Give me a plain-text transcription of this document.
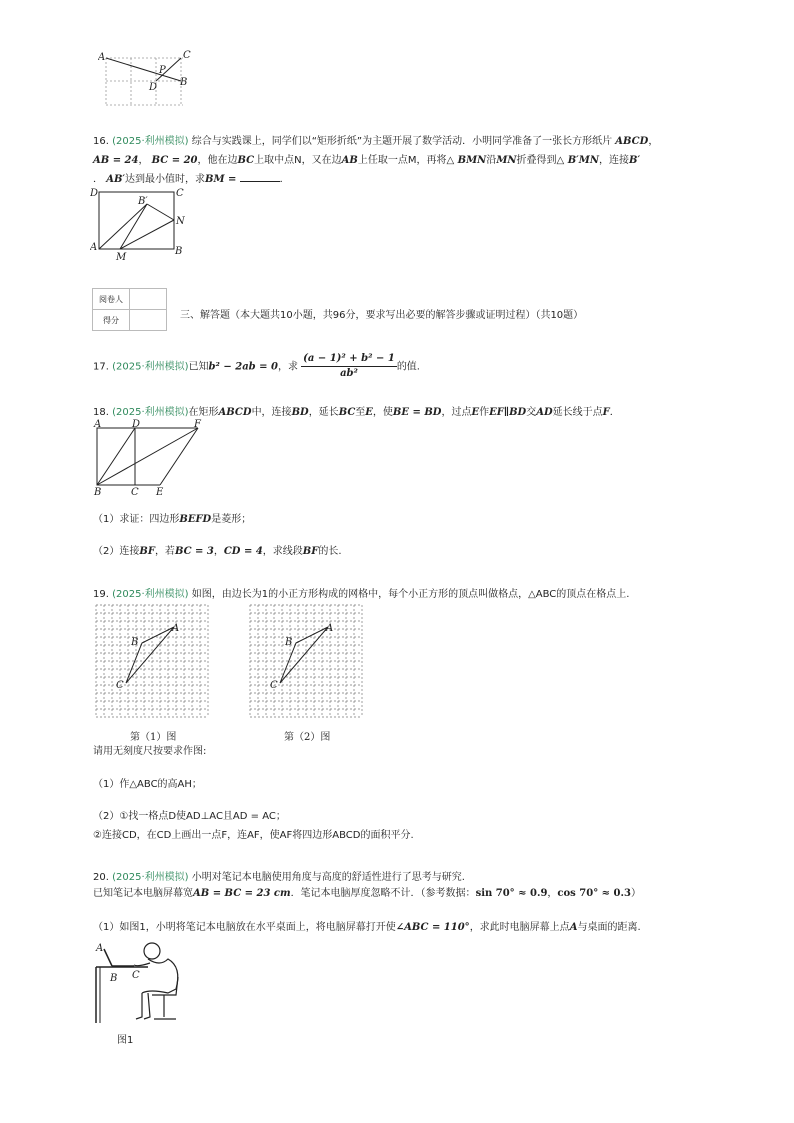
A	C
P
D B
16. (2025·利州模拟) 综合与实践课上，同学们以“矩形折纸”为主题开展了数学活动．小明同学准备了一张长方形纸片 ABCD，
AB = 24， BC = 20，他在边BC上取中点N，又在边AB上任取一点M，再将△ BMN沿MN折叠得到△ B′MN，连接B′
． AB′达到最小值时，求BM =	．
D	C
B′
N
A
M
B
阅卷人	
得分		三、解答题（本大题共10小题，共96分，要求写出必要的解答步骤或证明过程）（共10题）
17. (2025·利州模拟)已知b² − 2ab = 0，求 $\frac{\text{(a − 1)² + b² − 1}}{\text{ab²}}$ 的值.
18. (2025·利州模拟)在矩形ABCD中，连接BD，延长BC至E，使BE = BD，过点E作EF∥BD交AD延长线于点F．
A	D	F
B	C E
（1）求证：四边形BEFD是菱形；
（2）连接BF，若BC = 3，CD = 4，求线段BF的长.
19. (2025·利州模拟) 如图，由边长为1的小正方形构成的网格中，每个小正方形的顶点叫做格点，△ABC的顶点在格点上.
A
B
C
A
B
C
第（1）图	第（2）图
请用无刻度尺按要求作图:
（1）作△ABC的高AH；
（2）①找一格点D使AD⊥AC且AD = AC；
②连接CD，在CD上画出一点F，连AF，使AF将四边形ABCD的面积平分.
20. (2025·利州模拟) 小明对笔记本电脑使用角度与高度的舒适性进行了思考与研究.
已知笔记本电脑屏幕宽AB = BC = 23 cm．笔记本电脑厚度忽略不计．（参考数据：sin 70° ≈ 0.9，cos 70° ≈ 0.3）
（1）如图1，小明将笔记本电脑放在水平桌面上，将电脑屏幕打开使∠ABC = 110°，求此时电脑屏幕上点A与桌面的距离.
A
B C
图1
